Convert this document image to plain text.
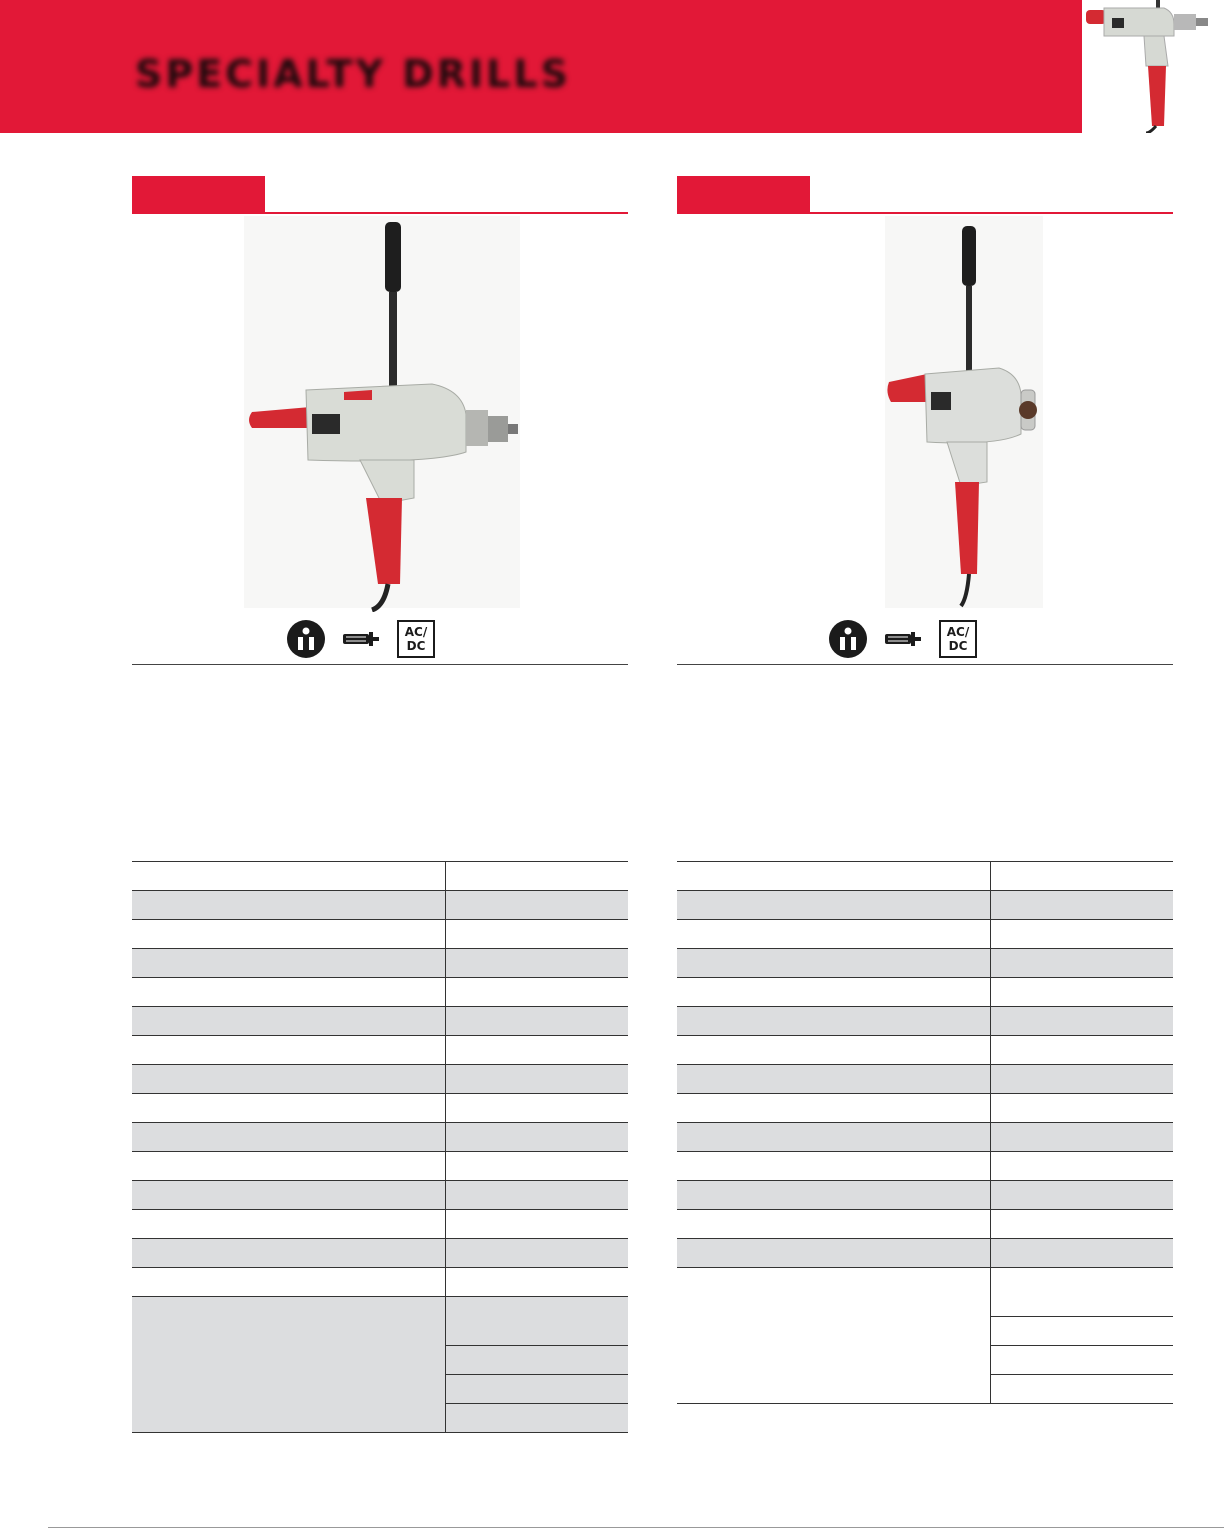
SPECIALTY DRILLS
AC/
DC

AC/
DC
